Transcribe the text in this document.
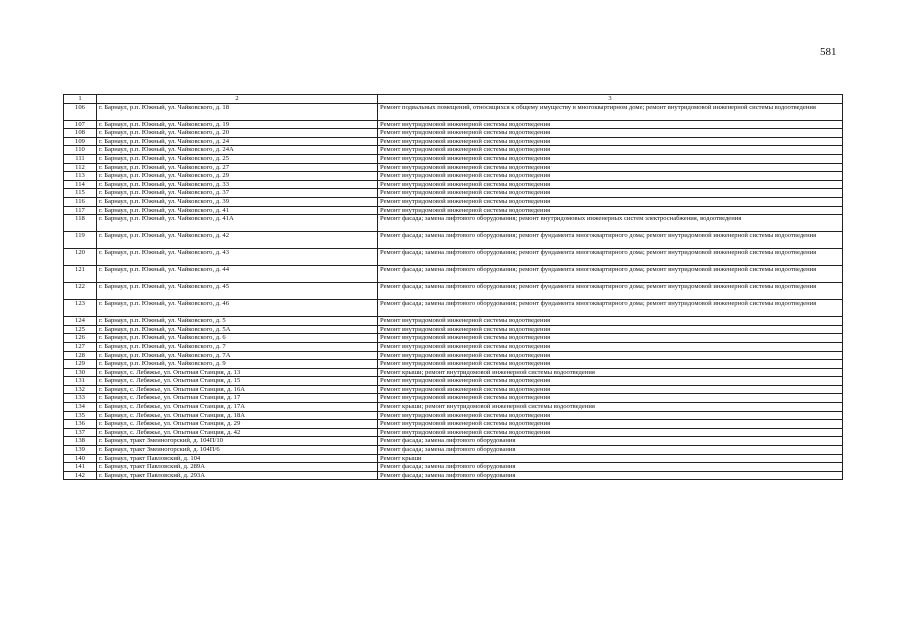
581
1	2	3
106	г. Барнаул, р.п. Южный, ул. Чайковского, д. 18	Ремонт подвальных помещений, относящихся к общему имуществу в многоквартирном доме; ремонт внутридомовой инженерной системы водоотведения
107	г. Барнаул, р.п. Южный, ул. Чайковского, д. 19	Ремонт внутридомовой инженерной системы водоотведения
108	г. Барнаул, р.п. Южный, ул. Чайковского, д. 20	Ремонт внутридомовой инженерной системы водоотведения
109	г. Барнаул, р.п. Южный, ул. Чайковского, д. 24	Ремонт внутридомовой инженерной системы водоотведения
110	г. Барнаул, р.п. Южный, ул. Чайковского, д. 24А	Ремонт внутридомовой инженерной системы водоотведения
111	г. Барнаул, р.п. Южный, ул. Чайковского, д. 25	Ремонт внутридомовой инженерной системы водоотведения
112	г. Барнаул, р.п. Южный, ул. Чайковского, д. 27	Ремонт внутридомовой инженерной системы водоотведения
113	г. Барнаул, р.п. Южный, ул. Чайковского, д. 29	Ремонт внутридомовой инженерной системы водоотведения
114	г. Барнаул, р.п. Южный, ул. Чайковского, д. 33	Ремонт внутридомовой инженерной системы водоотведения
115	г. Барнаул, р.п. Южный, ул. Чайковского, д. 37	Ремонт внутридомовой инженерной системы водоотведения
116	г. Барнаул, р.п. Южный, ул. Чайковского, д. 39	Ремонт внутридомовой инженерной системы водоотведения
117	г. Барнаул, р.п. Южный, ул. Чайковского, д. 41	Ремонт внутридомовой инженерной системы водоотведения
118	г. Барнаул, р.п. Южный, ул. Чайковского, д. 41А	Ремонт фасада; замена лифтового оборудования; ремонт внутридомовых инженерных систем электроснабжения, водоотведения
119	г. Барнаул, р.п. Южный, ул. Чайковского, д. 42	Ремонт фасада; замена лифтового оборудования; ремонт фундамента многоквартирного дома; ремонт внутридомовой инженерной системы водоотведения
120	г. Барнаул, р.п. Южный, ул. Чайковского, д. 43	Ремонт фасада; замена лифтового оборудования; ремонт фундамента многоквартирного дома; ремонт внутридомовой инженерной системы водоотведения
121	г. Барнаул, р.п. Южный, ул. Чайковского, д. 44	Ремонт фасада; замена лифтового оборудования; ремонт фундамента многоквартирного дома; ремонт внутридомовой инженерной системы водоотведения
122	г. Барнаул, р.п. Южный, ул. Чайковского, д. 45	Ремонт фасада; замена лифтового оборудования; ремонт фундамента многоквартирного дома; ремонт внутридомовой инженерной системы водоотведения
123	г. Барнаул, р.п. Южный, ул. Чайковского, д. 46	Ремонт фасада; замена лифтового оборудования; ремонт фундамента многоквартирного дома; ремонт внутридомовой инженерной системы водоотведения
124	г. Барнаул, р.п. Южный, ул. Чайковского, д. 5	Ремонт внутридомовой инженерной системы водоотведения
125	г. Барнаул, р.п. Южный, ул. Чайковского, д. 5А	Ремонт внутридомовой инженерной системы водоотведения
126	г. Барнаул, р.п. Южный, ул. Чайковского, д. 6	Ремонт внутридомовой инженерной системы водоотведения
127	г. Барнаул, р.п. Южный, ул. Чайковского, д. 7	Ремонт внутридомовой инженерной системы водоотведения
128	г. Барнаул, р.п. Южный, ул. Чайковского, д. 7А	Ремонт внутридомовой инженерной системы водоотведения
129	г. Барнаул, р.п. Южный, ул. Чайковского, д. 9	Ремонт внутридомовой инженерной системы водоотведения
130	г. Барнаул, с. Лебяжье, ул. Опытная Станция, д. 13	Ремонт крыши; ремонт внутридомовой инженерной системы водоотведения
131	г. Барнаул, с. Лебяжье, ул. Опытная Станция, д. 15	Ремонт внутридомовой инженерной системы водоотведения
132	г. Барнаул, с. Лебяжье, ул. Опытная Станция, д. 16А	Ремонт внутридомовой инженерной системы водоотведения
133	г. Барнаул, с. Лебяжье, ул. Опытная Станция, д. 17	Ремонт внутридомовой инженерной системы водоотведения
134	г. Барнаул, с. Лебяжье, ул. Опытная Станция, д. 17А	Ремонт крыши; ремонт внутридомовой инженерной системы водоотведения
135	г. Барнаул, с. Лебяжье, ул. Опытная Станция, д. 18А	Ремонт внутридомовой инженерной системы водоотведения
136	г. Барнаул, с. Лебяжье, ул. Опытная Станция, д. 29	Ремонт внутридомовой инженерной системы водоотведения
137	г. Барнаул, с. Лебяжье, ул. Опытная Станция, д. 42	Ремонт внутридомовой инженерной системы водоотведения
138	г. Барнаул, тракт Змеиногорский, д. 104П/10	Ремонт фасада; замена лифтового оборудования
139	г. Барнаул, тракт Змеиногорский, д. 104П/6	Ремонт фасада; замена лифтового оборудования
140	г. Барнаул, тракт Павловский, д. 104	Ремонт крыши
141	г. Барнаул, тракт Павловский, д. 289А	Ремонт фасада; замена лифтового оборудования
142	г. Барнаул, тракт Павловский, д. 293А	Ремонт фасада; замена лифтового оборудования
